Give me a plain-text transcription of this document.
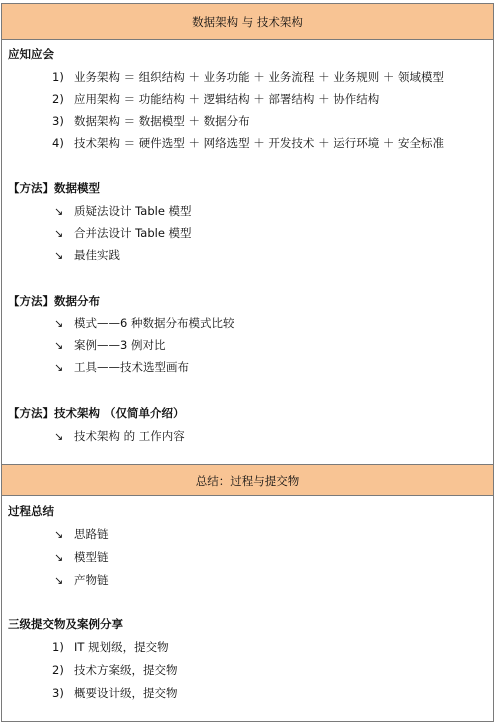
数据架构 与 技术架构
应知应会
1) 业务架构 ＝ 组织结构 ＋ 业务功能 ＋ 业务流程 ＋ 业务规则 ＋ 领域模型
2) 应用架构 ＝ 功能结构 ＋ 逻辑结构 ＋ 部署结构 ＋ 协作结构
3) 数据架构 ＝ 数据模型 ＋ 数据分布
4) 技术架构 ＝ 硬件选型 ＋ 网络选型 ＋ 开发技术 ＋ 运行环境 ＋ 安全标准
【方法】数据模型
↘ 质疑法设计 Table 模型
↘ 合并法设计 Table 模型
↘ 最佳实践
【方法】数据分布
↘ 模式——6 种数据分布模式比较
↘ 案例——3 例对比
↘ 工具——技术选型画布
【方法】技术架构 （仅简单介绍）
↘ 技术架构 的 工作内容
总结：过程与提交物
过程总结
↘ 思路链
↘ 模型链
↘ 产物链
三级提交物及案例分享
1) IT 规划级，提交物
2) 技术方案级，提交物
3) 概要设计级，提交物
